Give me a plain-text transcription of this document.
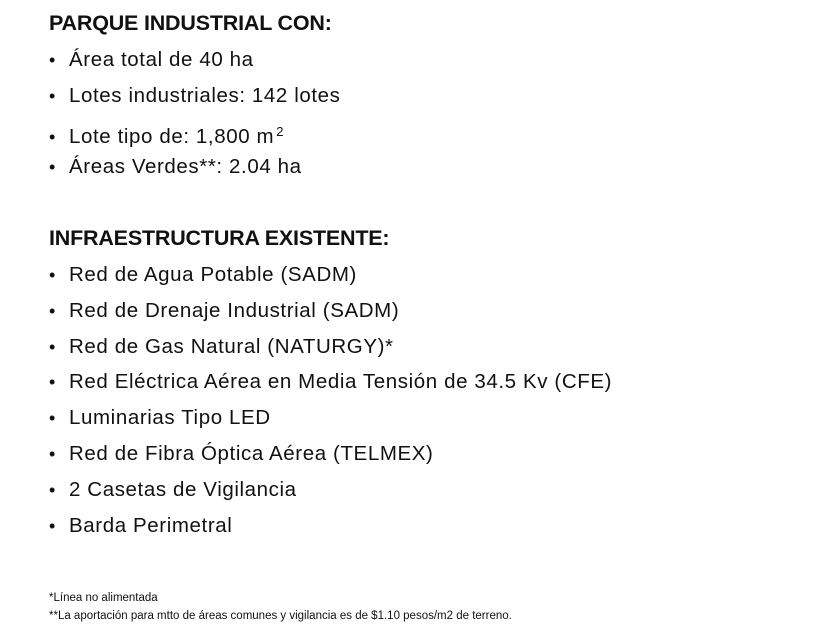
PARQUE INDUSTRIAL CON:
• Área total de 40 ha
• Lotes industriales: 142 lotes
• Lote tipo de: 1,800 m $^2$
• Áreas Verdes**: 2.04 ha
INFRAESTRUCTURA EXISTENTE:
• Red de Agua Potable (SADM)
• Red de Drenaje Industrial (SADM)
• Red de Gas Natural (NATURGY)*
• Red Eléctrica Aérea en Media Tensión de 34.5 Kv (CFE)
• Luminarias Tipo LED
• Red de Fibra Óptica Aérea (TELMEX)
• 2 Casetas de Vigilancia
• Barda Perimetral
*Línea no alimentada
**La aportación para mtto de áreas comunes y vigilancia es de $1.10 pesos/m2 de terreno.
